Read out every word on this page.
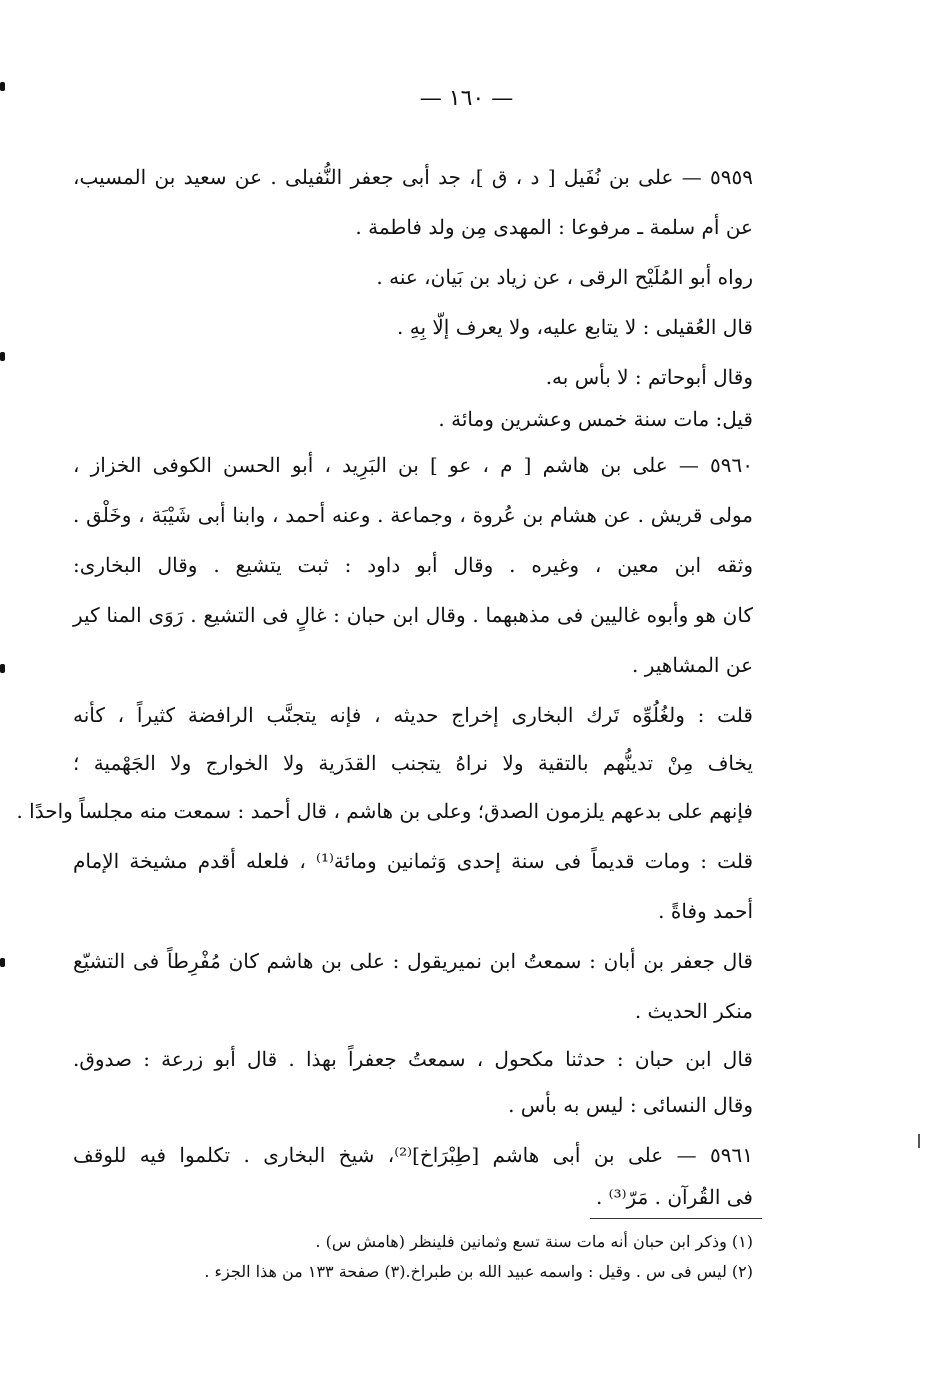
— ١٦٠ —
٥٩٥٩ — على بن نُفَيل [ د ، ق ]، جد أبى جعفر النُّفيلى . عن سعيد بن المسيب،
عن أم سلمة ـ مرفوعا : المهدى مِن ولد فاطمة .
رواه أبو المُلَيْح الرقى ، عن زياد بن بَيان، عنه .
قال العُقيلى : لا يتابع عليه، ولا يعرف إلّا بِهِ .
وقال أبوحاتم : لا بأس به.
قيل: مات سنة خمس وعشرين ومائة .
٥٩٦٠ — على بن هاشم [ م ، عو ] بن البَرِيد ، أبو الحسن الكوفى الخزاز ،
مولى قريش . عن هشام بن عُروة ، وجماعة . وعنه أحمد ، وابنا أبى شَيْبَة ، وخَلْق .
وثقه ابن معين ، وغيره . وقال أبو داود : ثبت يتشيع . وقال البخارى:
كان هو وأبوه غاليين فى مذهبهما . وقال ابن حبان : غالٍ فى التشيع . رَوَى المنا كير
عن المشاهير .
قلت : ولغُلُوِّه تَرك البخارى إخراج حديثه ، فإنه يتجنَّب الرافضة كثيراً ، كأنه
يخاف مِنْ تدينُّهم بالتقية ولا نراهُ يتجنب القدَرية ولا الخوارج ولا الجَهْمية ؛
فإنهم على بدعهم يلزمون الصدق؛ وعلى بن هاشم ، قال أحمد : سمعت منه مجلساً واحدًا .
قلت : ومات قديماً فى سنة إحدى وَثمانين ومائة⁽¹⁾ ، فلعله أقدم مشيخة الإمام
أحمد وفاةً .
قال جعفر بن أبان : سمعتُ ابن نميريقول : على بن هاشم كان مُفْرِطاً فى التشيّع
منكر الحديث .
قال ابن حبان : حدثنا مكحول ، سمعتُ جعفراً بهذا . قال أبو زرعة : صدوق.
وقال النسائى : ليس به بأس .
٥٩٦١ — على بن أبى هاشم [طِبْرَاخ]⁽²⁾، شيخ البخارى . تكلموا فيه للوقف
فى القُرآن . مَرّ⁽³⁾ .
(١) وذكر ابن حبان أنه مات سنة تسع وثمانين فلينظر (هامش س) .
(٢) ليس فى س . وقيل : واسمه عبيد الله بن طبراخ.(٣) صفحة ١٣٣ من هذا الجزء .
